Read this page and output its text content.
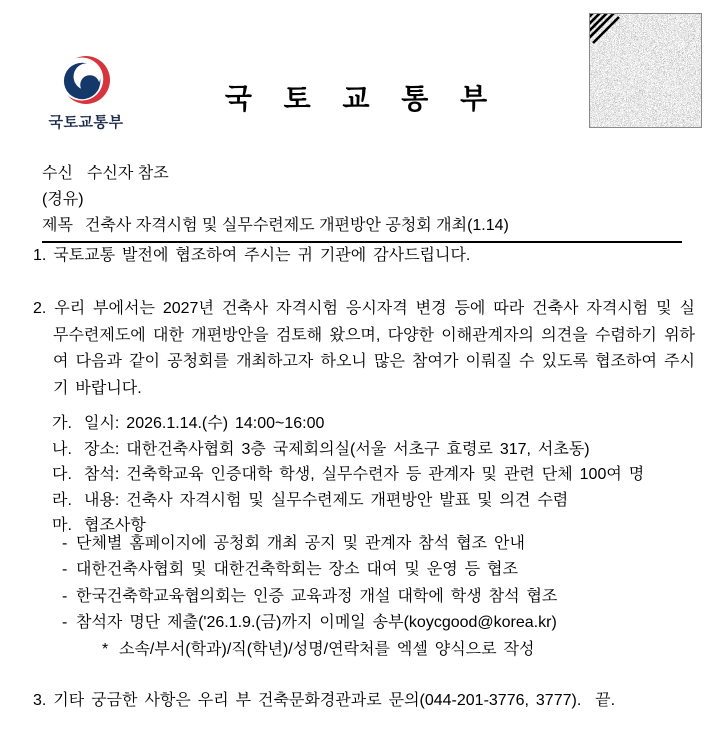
국토교통부
국 토 교 통 부
수신 수신자 참조
(경유)
제목 건축사 자격시험 및 실무수련제도 개편방안 공청회 개최(1.14)
1. 국토교통 발전에 협조하여 주시는 귀 기관에 감사드립니다.
2. 우리 부에서는 2027년 건축사 자격시험 응시자격 변경 등에 따라 건축사 자격시험 및 실무수련제도에 대한 개편방안을 검토해 왔으며, 다양한 이해관계자의 의견을 수렴하기 위하여 다음과 같이 공청회를 개최하고자 하오니 많은 참여가 이뤄질 수 있도록 협조하여 주시기 바랍니다.
가. 일시: 2026.1.14.(수) 14:00~16:00
나. 장소: 대한건축사협회 3층 국제회의실(서울 서초구 효령로 317, 서초동)
다. 참석: 건축학교육 인증대학 학생, 실무수련자 등 관계자 및 관련 단체 100여 명
라. 내용: 건축사 자격시험 및 실무수련제도 개편방안 발표 및 의견 수렴
마. 협조사항
- 단체별 홈페이지에 공청회 개최 공지 및 관계자 참석 협조 안내
- 대한건축사협회 및 대한건축학회는 장소 대여 및 운영 등 협조
- 한국건축학교육협의회는 인증 교육과정 개설 대학에 학생 참석 협조
- 참석자 명단 제출('26.1.9.(금)까지 이메일 송부(koycgood@korea.kr)
* 소속/부서(학과)/직(학년)/성명/연락처를 엑셀 양식으로 작성
3. 기타 궁금한 사항은 우리 부 건축문화경관과로 문의(044-201-3776, 3777).  끝.
